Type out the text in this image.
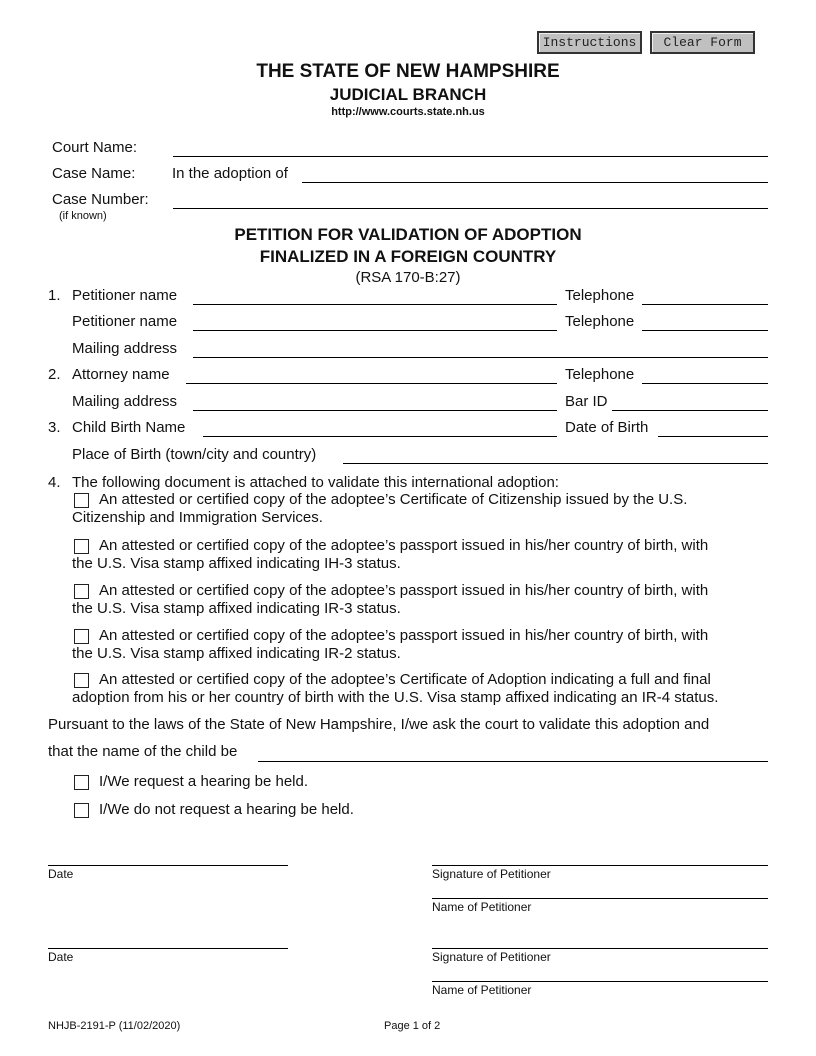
Instructions	Clear Form
THE STATE OF NEW HAMPSHIRE
JUDICIAL BRANCH
http://www.courts.state.nh.us
Court Name:
Case Name: In the adoption of
Case Number:
(if known)
PETITION FOR VALIDATION OF ADOPTION
FINALIZED IN A FOREIGN COUNTRY
(RSA 170-B:27)
1. Petitioner name	Telephone
Petitioner name	Telephone
Mailing address
2. Attorney name	Telephone
Mailing address	Bar ID
3. Child Birth Name	Date of Birth
Place of Birth (town/city and country)
4. The following document is attached to validate this international adoption:
An attested or certified copy of the adoptee’s Certificate of Citizenship issued by the U.S.
Citizenship and Immigration Services.
An attested or certified copy of the adoptee’s passport issued in his/her country of birth, with
the U.S. Visa stamp affixed indicating IH-3 status.
An attested or certified copy of the adoptee’s passport issued in his/her country of birth, with
the U.S. Visa stamp affixed indicating IR-3 status.
An attested or certified copy of the adoptee’s passport issued in his/her country of birth, with
the U.S. Visa stamp affixed indicating IR-2 status.
An attested or certified copy of the adoptee’s Certificate of Adoption indicating a full and final
adoption from his or her country of birth with the U.S. Visa stamp affixed indicating an IR-4 status.
Pursuant to the laws of the State of New Hampshire, I/we ask the court to validate this adoption and
that the name of the child be
I/We request a hearing be held.
I/We do not request a hearing be held.
Date	Signature of Petitioner
Name of Petitioner
Date	Signature of Petitioner
Name of Petitioner
NHJB-2191-P (11/02/2020)	Page 1 of 2
